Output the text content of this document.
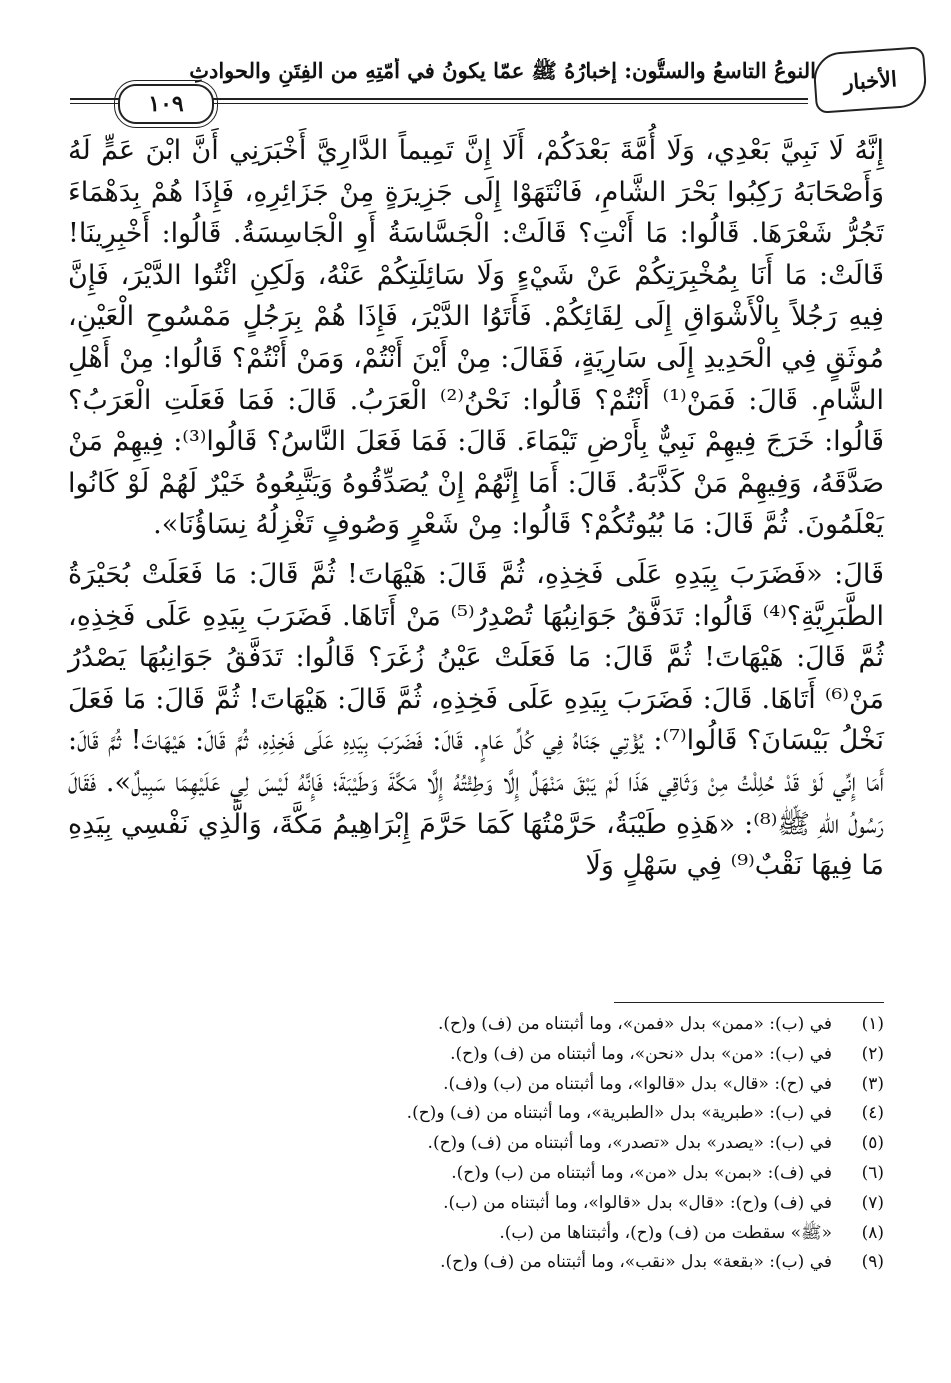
الأخبار
النوعُ التاسعُ والستُّون: إخبارُهُ ﷺ عمّا يكونُ في أُمّتِهِ من الفِتَنِ والحوادثِ
١٠٩

إِنَّهُ لَا نَبِيَّ بَعْدِي، وَلَا أُمَّةَ بَعْدَكُمْ، أَلَا إِنَّ تَمِيماً الدَّارِيَّ أَخْبَرَنِي أَنَّ ابْنَ عَمٍّ لَهُ وَأَصْحَابَهُ رَكِبُوا بَحْرَ الشَّامِ، فَانْتَهَوْا إِلَى جَزِيرَةٍ مِنْ جَزَائِرِهِ، فَإِذَا هُمْ بِدَهْمَاءَ تَجُرُّ شَعْرَهَا. قَالُوا: مَا أَنْتِ؟ قَالَتْ: الْجَسَّاسَةُ أَوِ الْجَاسِسَةُ. قَالُوا: أَخْبِرِينَا! قَالَتْ: مَا أَنَا بِمُخْبِرَتِكُمْ عَنْ شَيْءٍ وَلَا سَائِلَتِكُمْ عَنْهُ، وَلَكِنِ ائْتُوا الدَّيْرَ، فَإِنَّ فِيهِ رَجُلاً بِالْأَشْوَاقِ إِلَى لِقَائِكُمْ. فَأَتَوُا الدَّيْرَ، فَإِذَا هُمْ بِرَجُلٍ مَمْسُوحِ الْعَيْنِ، مُوثَقٍ فِي الْحَدِيدِ إِلَى سَارِيَةٍ، فَقَالَ: مِنْ أَيْنَ أَنْتُمْ، وَمَنْ أَنْتُمْ؟ قَالُوا: مِنْ أَهْلِ الشَّامِ. قَالَ: فَمَنْ⁽¹⁾ أَنْتُمْ؟ قَالُوا: نَحْنُ⁽²⁾ الْعَرَبُ. قَالَ: فَمَا فَعَلَتِ الْعَرَبُ؟ قَالُوا: خَرَجَ فِيهِمْ نَبِيٌّ بِأَرْضِ تَيْمَاءَ. قَالَ: فَمَا فَعَلَ النَّاسُ؟ قَالُوا⁽³⁾: فِيهِمْ مَنْ صَدَّقَهُ، وَفِيهِمْ مَنْ كَذَّبَهُ. قَالَ: أَمَا إِنَّهُمْ إِنْ يُصَدِّقُوهُ وَيَتَّبِعُوهُ خَيْرٌ لَهُمْ لَوْ كَانُوا يَعْلَمُونَ. ثُمَّ قَالَ: مَا بُيُوتُكُمْ؟ قَالُوا: مِنْ شَعْرٍ وَصُوفٍ تَغْزِلُهُ نِسَاؤُنَا».

قَالَ: «فَضَرَبَ بِيَدِهِ عَلَى فَخِذِهِ، ثُمَّ قَالَ: هَيْهَاتَ! ثُمَّ قَالَ: مَا فَعَلَتْ بُحَيْرَةُ الطَّبَرِيَّةِ؟⁽⁴⁾ قَالُوا: تَدَفَّقُ جَوَانِبُهَا تُصْدِرُ⁽⁵⁾ مَنْ أَتَاهَا. فَضَرَبَ بِيَدِهِ عَلَى فَخِذِهِ، ثُمَّ قَالَ: هَيْهَاتَ! ثُمَّ قَالَ: مَا فَعَلَتْ عَيْنُ زُغَرَ؟ قَالُوا: تَدَفَّقُ جَوَانِبُهَا يَصْدُرُ مَنْ⁽⁶⁾ أَتَاهَا. قَالَ: فَضَرَبَ بِيَدِهِ عَلَى فَخِذِهِ، ثُمَّ قَالَ: هَيْهَاتَ! ثُمَّ قَالَ: مَا فَعَلَ نَخْلُ بَيْسَانَ؟ قَالُوا⁽⁷⁾: يُؤْتِي جَنَاهُ فِي كُلِّ عَامٍ. قَالَ: فَضَرَبَ بِيَدِهِ عَلَى فَخِذِهِ، ثُمَّ قَالَ: هَيْهَاتَ! ثُمَّ قَالَ: أَمَا إِنِّي لَوْ قَدْ حُلِلْتُ مِنْ وَثَاقِي هَذَا لَمْ يَبْقَ مَنْهَلٌ إِلَّا وَطِئْتُهُ إِلَّا مَكَّةَ وَطَيْبَةَ؛ فَإِنَّهُ لَيْسَ لِي عَلَيْهِمَا سَبِيلٌ». فَقَالَ رَسُولُ اللهِ ﷺ⁽⁸⁾: «هَذِهِ طَيْبَةُ، حَرَّمْتُهَا كَمَا حَرَّمَ إِبْرَاهِيمُ مَكَّةَ، وَالَّذِي نَفْسِي بِيَدِهِ مَا فِيهَا نَقْبٌ⁽⁹⁾ فِي سَهْلٍ وَلَا

(١)
في (ب): «ممن» بدل «فمن»، وما أثبتناه من (ف) و(ح).
(٢)
في (ب): «من» بدل «نحن»، وما أثبتناه من (ف) و(ح).
(٣)
في (ح): «قال» بدل «قالوا»، وما أثبتناه من (ب) و(ف).
(٤)
في (ب): «طبرية» بدل «الطبرية»، وما أثبتناه من (ف) و(ح).
(٥)
في (ب): «يصدر» بدل «تصدر»، وما أثبتناه من (ف) و(ح).
(٦)
في (ف): «بمن» بدل «من»، وما أثبتناه من (ب) و(ح).
(٧)
في (ف) و(ح): «قال» بدل «قالوا»، وما أثبتناه من (ب).
(٨)
«ﷺ» سقطت من (ف) و(ح)، وأثبتناها من (ب).
(٩)
في (ب): «بقعة» بدل «نقب»، وما أثبتناه من (ف) و(ح).
